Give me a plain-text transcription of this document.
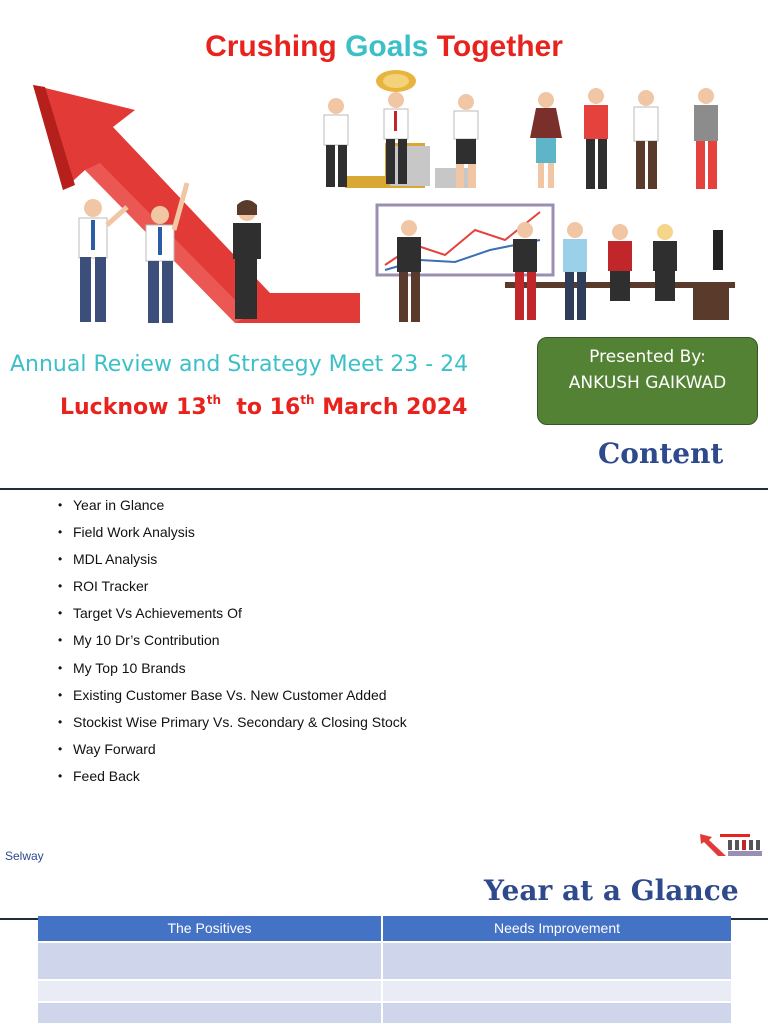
Crushing Goals Together
Annual Review and Strategy Meet 23 - 24
Lucknow 13th to 16th March 2024
Presented By:
ANKUSH GAIKWAD
Content
• Year in Glance
• Field Work Analysis
• MDL Analysis
• ROI Tracker
• Target Vs Achievements Of
• My 10 Dr’s Contribution
• My Top 10 Brands
• Existing Customer Base Vs. New Customer Added
• Stockist Wise Primary Vs. Secondary & Closing Stock
• Way Forward
• Feed Back
Selway
Year at a Glance
The Positives	Needs Improvement
